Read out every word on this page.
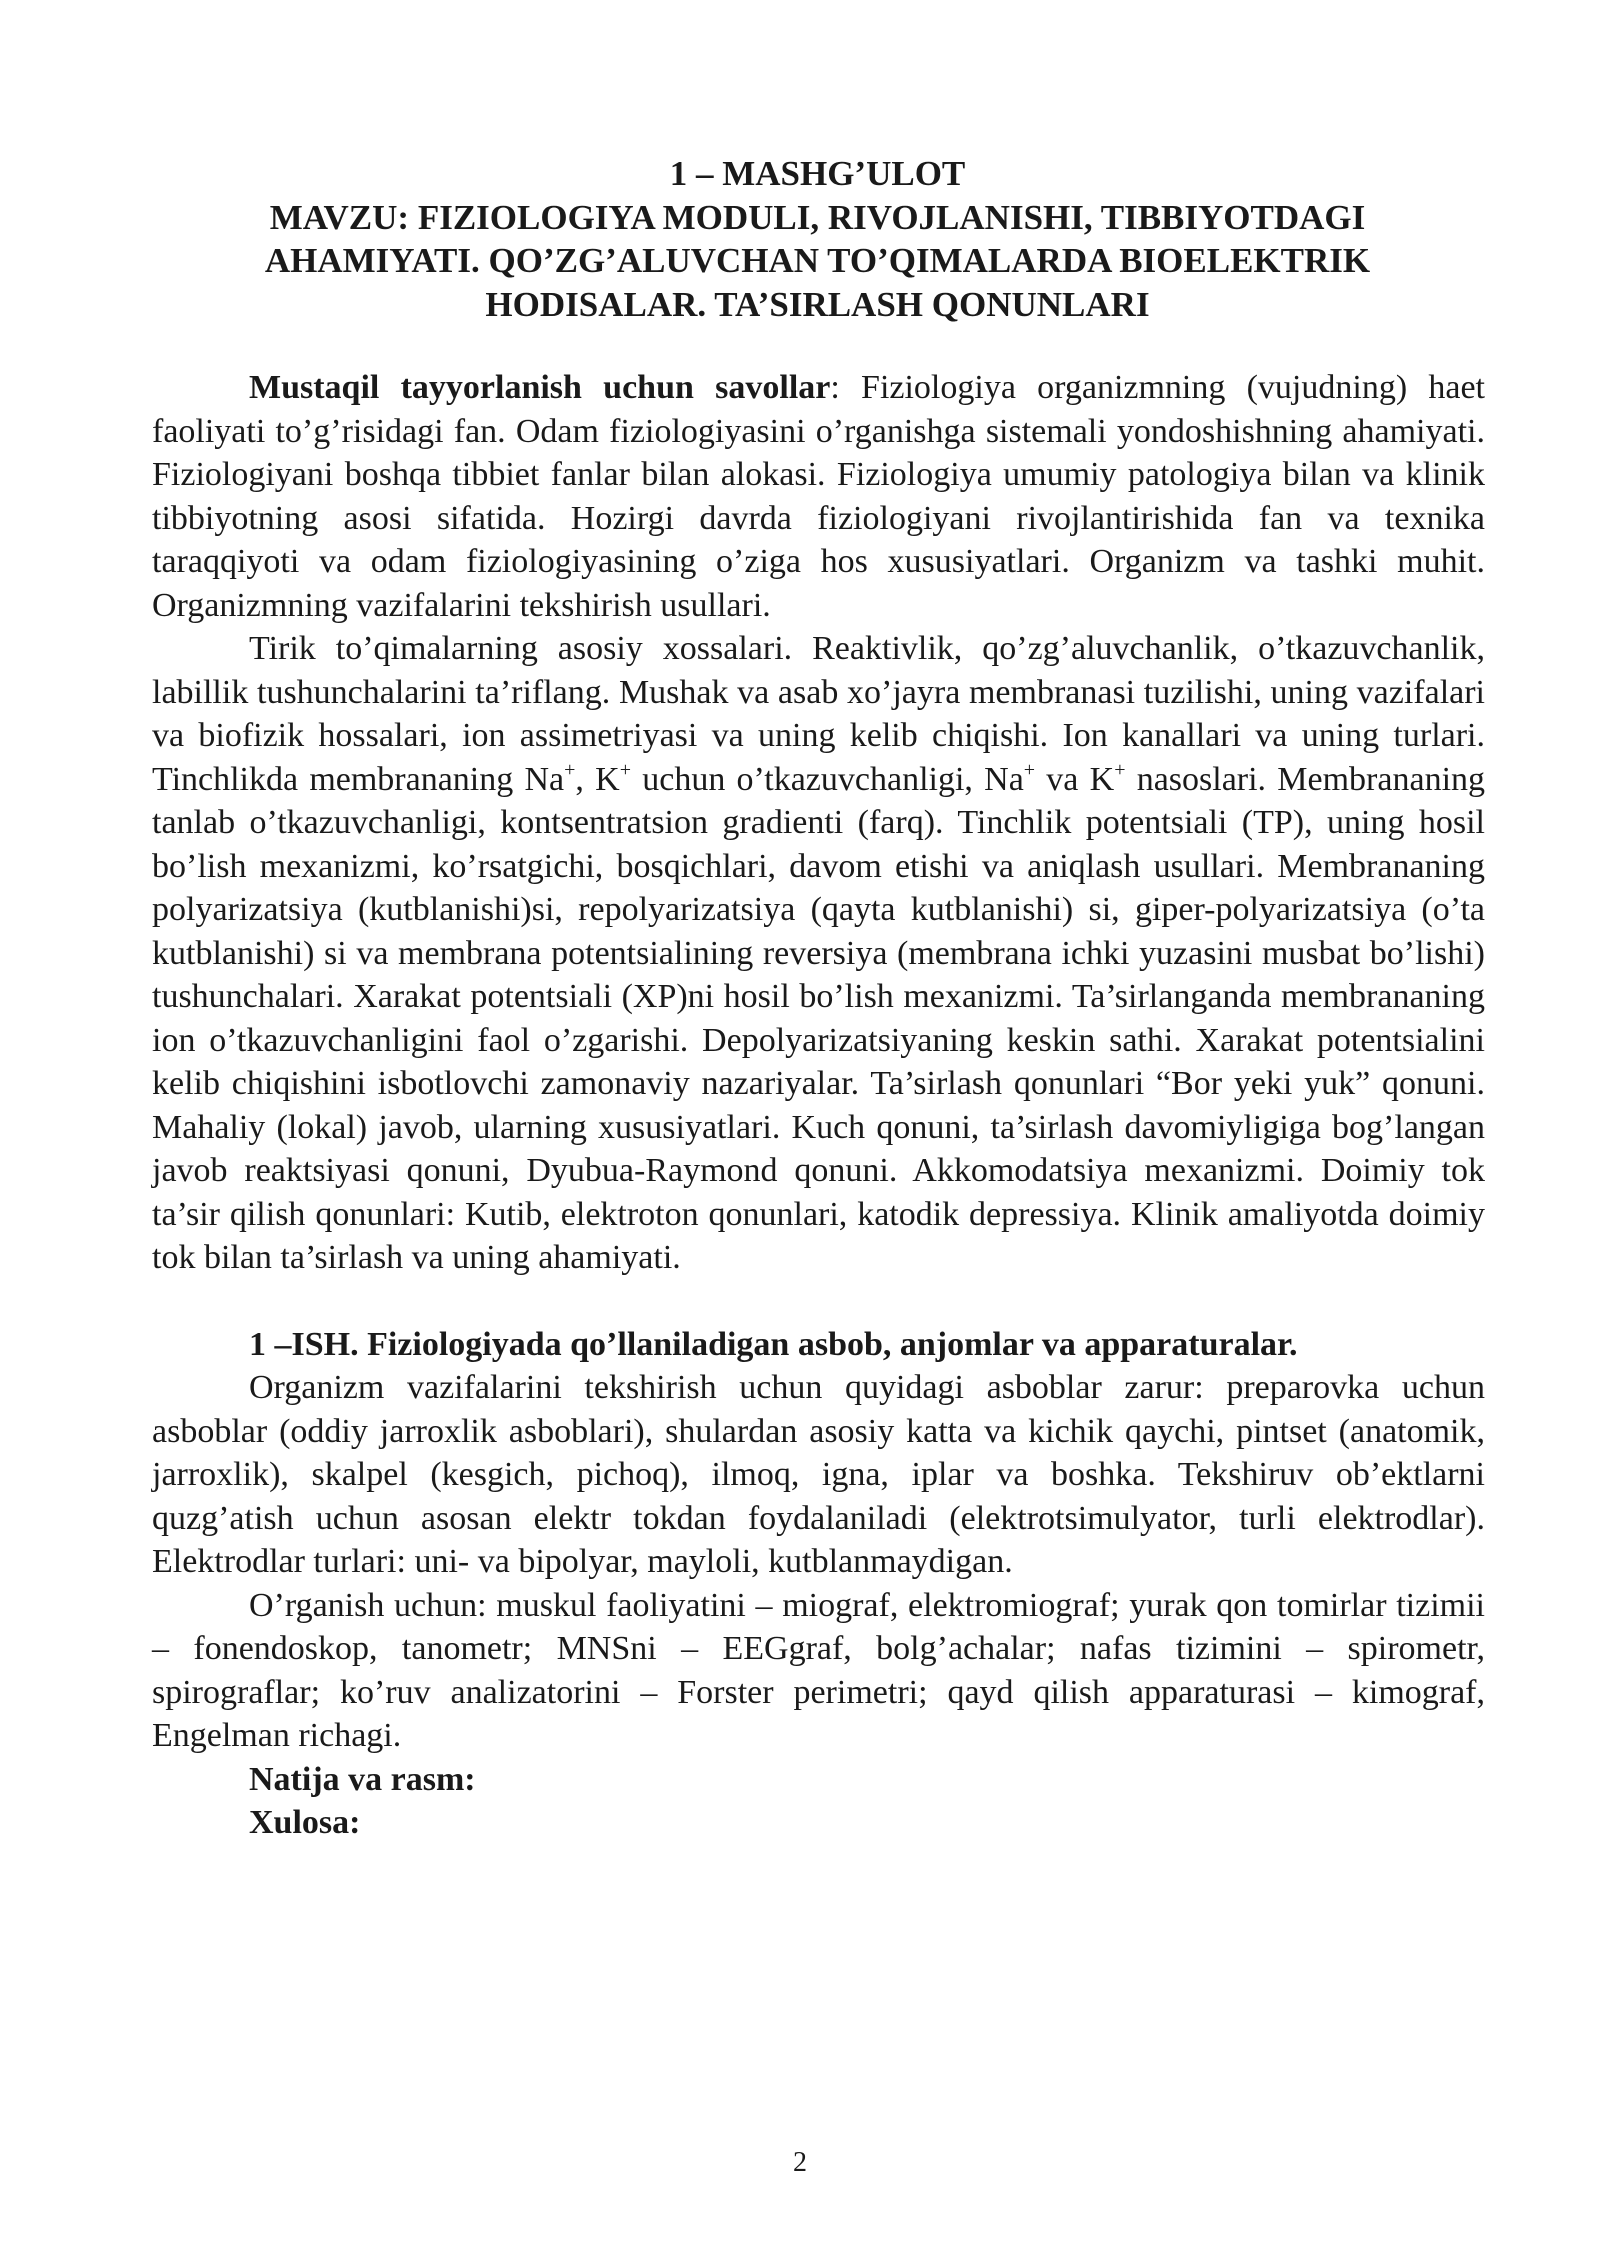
1 – MASHG’ULOT
MAVZU: FIZIOLOGIYA MODULI, RIVOJLANISHI, TIBBIYOTDAGI
AHAMIYATI. QO’ZG’ALUVCHAN TO’QIMALARDA BIOELEKTRIK
HODISALAR. TA’SIRLASH QONUNLARI

Mustaqil tayyorlanish uchun savollar: Fiziologiya organizmning (vujudning) haet faoliyati to’g’risidagi fan. Odam fiziologiyasini o’rganishga sistemali yondoshishning ahamiyati. Fiziologiyani boshqa tibbiet fanlar bilan alokasi. Fiziologiya umumiy patologiya bilan va klinik tibbiyotning asosi sifatida. Hozirgi davrda fiziologiyani rivojlantirishida fan va texnika taraqqiyoti va odam fiziologiyasining o’ziga hos xususiyatlari. Organizm va tashki muhit. Organizmning vazifalarini tekshirish usullari.

Tirik to’qimalarning asosiy xossalari. Reaktivlik, qo’zg’aluvchanlik, o’tkazuvchanlik, labillik tushunchalarini ta’riflang. Mushak va asab xo’jayra membranasi tuzilishi, uning vazifalari va biofizik hossalari, ion assimetriyasi va uning kelib chiqishi. Ion kanallari va uning turlari. Tinchlikda membrananing Na+, K+ uchun o’tkazuvchanligi, Na+ va K+ nasoslari. Membrananing tanlab o’tkazuvchanligi, kontsentratsion gradienti (farq). Tinchlik potentsiali (TP), uning hosil bo’lish mexanizmi, ko’rsatgichi, bosqichlari, davom etishi va aniqlash usullari. Membrananing polyarizatsiya (kutblanishi)si, repolyarizatsiya (qayta kutblanishi) si, giper-polyarizatsiya (o’ta kutblanishi) si va membrana potentsialining reversiya (membrana ichki yuzasini musbat bo’lishi) tushunchalari. Xarakat potentsiali (XP)ni hosil bo’lish mexanizmi. Ta’sirlanganda membrananing ion o’tkazuvchanligini faol o’zgarishi. Depolyarizatsiyaning keskin sathi. Xarakat potentsialini kelib chiqishini isbotlovchi zamonaviy nazariyalar. Ta’sirlash qonunlari “Bor yeki yuk” qonuni. Mahaliy (lokal) javob, ularning xususiyatlari. Kuch qonuni, ta’sirlash davomiyligiga bog’langan javob reaktsiyasi qonuni, Dyubua-Raymond qonuni. Akkomodatsiya mexanizmi. Doimiy tok ta’sir qilish qonunlari: Kutib, elektroton qonunlari, katodik depressiya. Klinik amaliyotda doimiy tok bilan ta’sirlash va uning ahamiyati.

1 –ISH. Fiziologiyada qo’llaniladigan asbob, anjomlar va apparaturalar.

Organizm vazifalarini tekshirish uchun quyidagi asboblar zarur: preparovka uchun asboblar (oddiy jarroxlik asboblari), shulardan asosiy katta va kichik qaychi, pintset (anatomik, jarroxlik), skalpel (kesgich, pichoq), ilmoq, igna, iplar va boshka. Tekshiruv ob’ektlarni quzg’atish uchun asosan elektr tokdan foydalaniladi (elektrotsimulyator, turli elektrodlar). Elektrodlar turlari: uni- va bipolyar, mayloli, kutblanmaydigan.

O’rganish uchun: muskul faoliyatini – miograf, elektromiograf; yurak qon tomirlar tizimii – fonendoskop, tanometr; MNSni – EEGgraf, bolg’achalar; nafas tizimini – spirometr, spirograflar; ko’ruv analizatorini – Forster perimetri; qayd qilish apparaturasi – kimograf, Engelman richagi.

Natija va rasm:

Xulosa:

2
